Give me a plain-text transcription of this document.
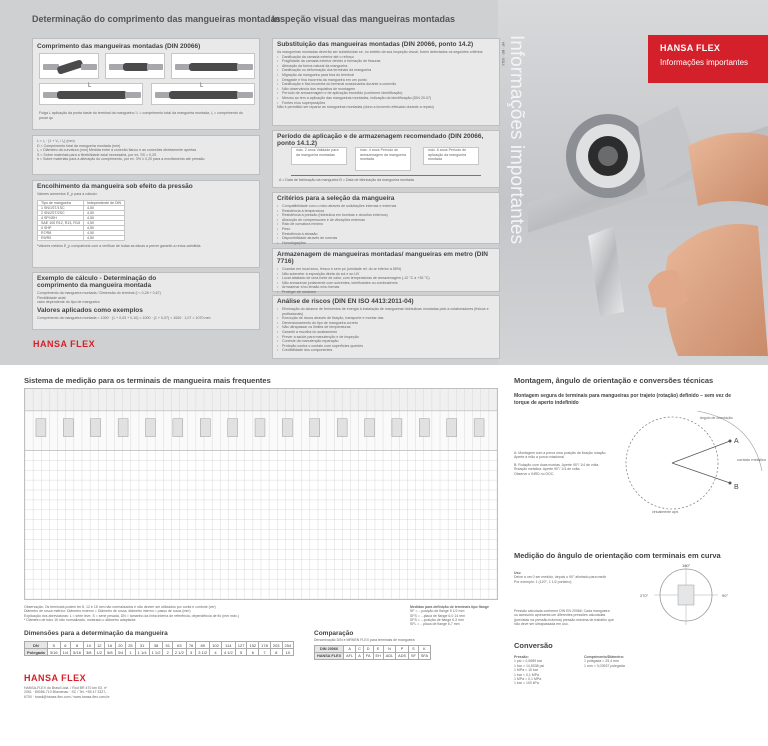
Determinação do comprimento das mangueiras montadas
Comprimento das mangueiras montadas (DIN 20066)
L	L
Folga L aplicação da ponta haste do terminal da mangueira / L = comprimento total da mangueira montada, l₁ = comprimento do puxar qu
L ≈ l₁ · (1 + V₁ / l₂) (mm)
D ≈ Comprimento total da mangueira montada (mm)
l₁ = Diâmetro da curvatura (mm) Medida entre a conexão flanco e as conexões direitamente apertas
S ≈ Sobre materiais para a flexibilidade axial necessária, por ex. SS = 0,25
h ≈ Sobre materiais para a alteração do comprimento, por ex. 3% ± 0,20 para a movifamento até pressão
Encolhimento da mangueira sob efeito da pressão
Valores aumentos E_p para a cálculo:
Tipo de mangueira	Independente de DIN
1 SN/1ST/1SC	4,50
2 SN/2ST/2SC	4,50
4 SP/4SH	4,50
SAE 100 R12, R13, R15	4,50
4 SHP	4,50
R7/R8	4,50
R9/R0	4,50
*Valores médios E_p compatíveis com a verificar de todas as dácas a prever garantir-a reduz-admitida.
Exemplo de cálculo - Determinação do comprimento da mangueira montada
Comprimento da mangueira montada / Dimensão do terminal (l = 0,28 + 0,67)
Flexibilidade axial
valor dependente do tipo de mangueira
Valores aplicados como exemplos
Comprimento da mangueira montada = 1000 · (1 + 0,03 + 0,10) = 1000 · (1 + 0,07) = 1000 · 1,07 = 1070 mm
HANSA FLEX
Inspeção visual das mangueiras montadas
Substituição das mangueiras montadas (DIN 20066, ponto 14.2)
As mangueiras montadas deverão ser substituídas se, no âmbito da sua inspeção visual, forem detectados os seguintes critérios:
• Danificação da camada exterior até o reforço
• Fragilidade da camada exterior devido à formação de fissuras
• Alteração da forma natural da mangueira
• Danificação ou deformação dos terminais da mangueira
• Migração da mangueira para fora do terminal
• Desgaste e fixa incorreta da mangueira em um ponto
• Danificação e fixa incorreta do terminal ocasionados durante a conexão
• Não observância dos requisitos de montagem
• Período de armazenagem e de aplicação excedido (conforme identificação)
• Mesmo ao tem a aplicação das mangueiras montadas, indicação da identificação (DIN 20-07)
• Fontes e/ou superposições
Não é permitido ser reparar as mangueiras montadas (dono a incorreto efetuado durante a repaiu)
Período de aplicação e de armazenagem recomendado (DIN 20066, ponto 14.1.2)
máx. 2 anos Validade para da mangueira montadas
máx. 4 anos Período de armazenagem da mangueira montada
máx. 6 anos Período de aplicação da mangueira montada
A = Data de fabricação da mangueira B = Data de fabricação da mangueira montada
Critérios para a seleção da mangueira
• Compatibilidade com o meio através de solicitações internas e externas
• Resistência à temperatura
• Resistência à pressão (hidráulica em bombas e circuitos externos)
• Absorção de compressores e de vibrações externas
• Raio de curvatura mínimo
• Peso
• Resistência à abrasão
• Disponibilidade através de normas
• Homologações
Armazenagem de mangueiras montadas/ mangueiras em metro (DIN 7716)
• Guardar em local seco, fresco e sem pó (umidade rel. do ar inferior a 65%)
• Não submeter à exposição direta do sol e ao UV
• Local afastado de uma fonte de calor, com temperaturas de armazenagem (-10 °C a +35 °C)
• Não armazenar juntamente com solventes, lubrificantes ou combustíveis
• Armazenar e/ou tensão e/ou formas
• Proteger de roedores
Análise de riscos (DIN EN ISO 4413:2011-04)
• Eliminação do alcance de ferimentos de energia à instalação de mangueiras hidráulicas montadas pelo a colaboradores (físicos e profissionais)
• Execução de riscos através de fixação, transporte e montar das
• Dimensionamento do tipo de mangueira correto
• Não ultrapassar os limites de temperaturas
• Garantir a escolha do acabamento
• Prever a saúde para manutenção e de inspeção
• Controle da manutenção reparação
• Proteção contra o contato com superfícies quentes
• Credibilidade dos componentes
Informações importantes	HANSA FLEX
Informações importantes
HF · BR · 0314
Sistema de medição para os terminais de mangueira mais frequentes
Observação: Os terminais podem ter 8, 12 e 15 mm não normalizados e não devem ser utilizados por conta e controle (ver)
Diâmetro de rosca métrico: Diâmetro externo = Diâmetro de rosca, diâmetro interno = passo de rosca (mm)
Explicação dos abreviaturas: L = série leve, S = série pesada, DN = tamanho da linha interna de referência, dependência de fio (mm máx.)
* Diâmetro de tubo 16 não normalizado, mostrado o diâmetro adaptador
Medidas para definição de terminais tipo flange
SF = ...posição de flange 5 1/2 mm
SFS = ...placa de flange 6,0 14 mm
SFS = ...posição de flange 6,3 mm
SFL = ...placa de flange 6,7 mm
Dimensões para a determinação da mangueira
DN	5	6	8	10	12	16	20	25	31	38	51	63	76	89	102	114	127	152	178	203	254
Polegada	3/16	1/4	5/16	3/8	1/2	5/8	3/4	1	1 1/4	1 1/2	2	2 1/2	3	3 1/2	4	4 1/2	5	6	7	8	10
Comparação
Denominação DIN e MRNEN FLEX para terminais de mangueira
DIN 20066	A	C	D	E	N	P	S	K
HANSA FLEX	AFL	A	FA	EH	ADL	ADS	SF	SFA
HANSA FLEX
HANSA-FLEX do Brasil Ltda. / Rod BR 470 km 53, nº 2051 · 89056-710 Blumenau · SC / Tel. +55 47 3327-6700 · brasil@hansa-flex.com / www.hansa-flex.com.br
Montagem, ângulo de orientação e conversões técnicas
Montagem segura de terminais para mangueiras por trajeto (rotação) definido – sem vez de torque de aperto indefinido
A
B
contato metálico
virtualmente aprt.
ângulo de orientação
A: Montagem com a porca uma posição da fixação rotação. Aperte à mão a porca rotacional.
B: Rotação com duas montas. Aperte 90°/ 1/4 de volta. Rotação metálica. Aperte 90°/ 1/4 de volta.
Observe o INRD no DOC.
Medição do ângulo de orientação com terminais em curva
180°
270°	90°
Uso
Deixe a um 0 ser medido, depois o 90° alinhado para medir
Por exemplo: 1 (120°, 1 1/2 ponteiro)
Pressão calculada conforme DIN EN 20066: Cada mangueira ou acessório apresenta um diferentes pressões calculadas (previstas na pressão máxima) pressão máxima de trabalho que não deve ser ultrapassada em uso.
Conversão
Pressão:
1 psi = 0,0689 bar
1 bar = 14,5038 psi
1 MPa = 10 bar
1 bar = 0,1 MPa
1 MPa = 0,1 MPa
1 bar = 100 kPa
Comprimento/Diâmetro:
1 polegada = 25,4 mm
1 mm = 0,03937 polegada
